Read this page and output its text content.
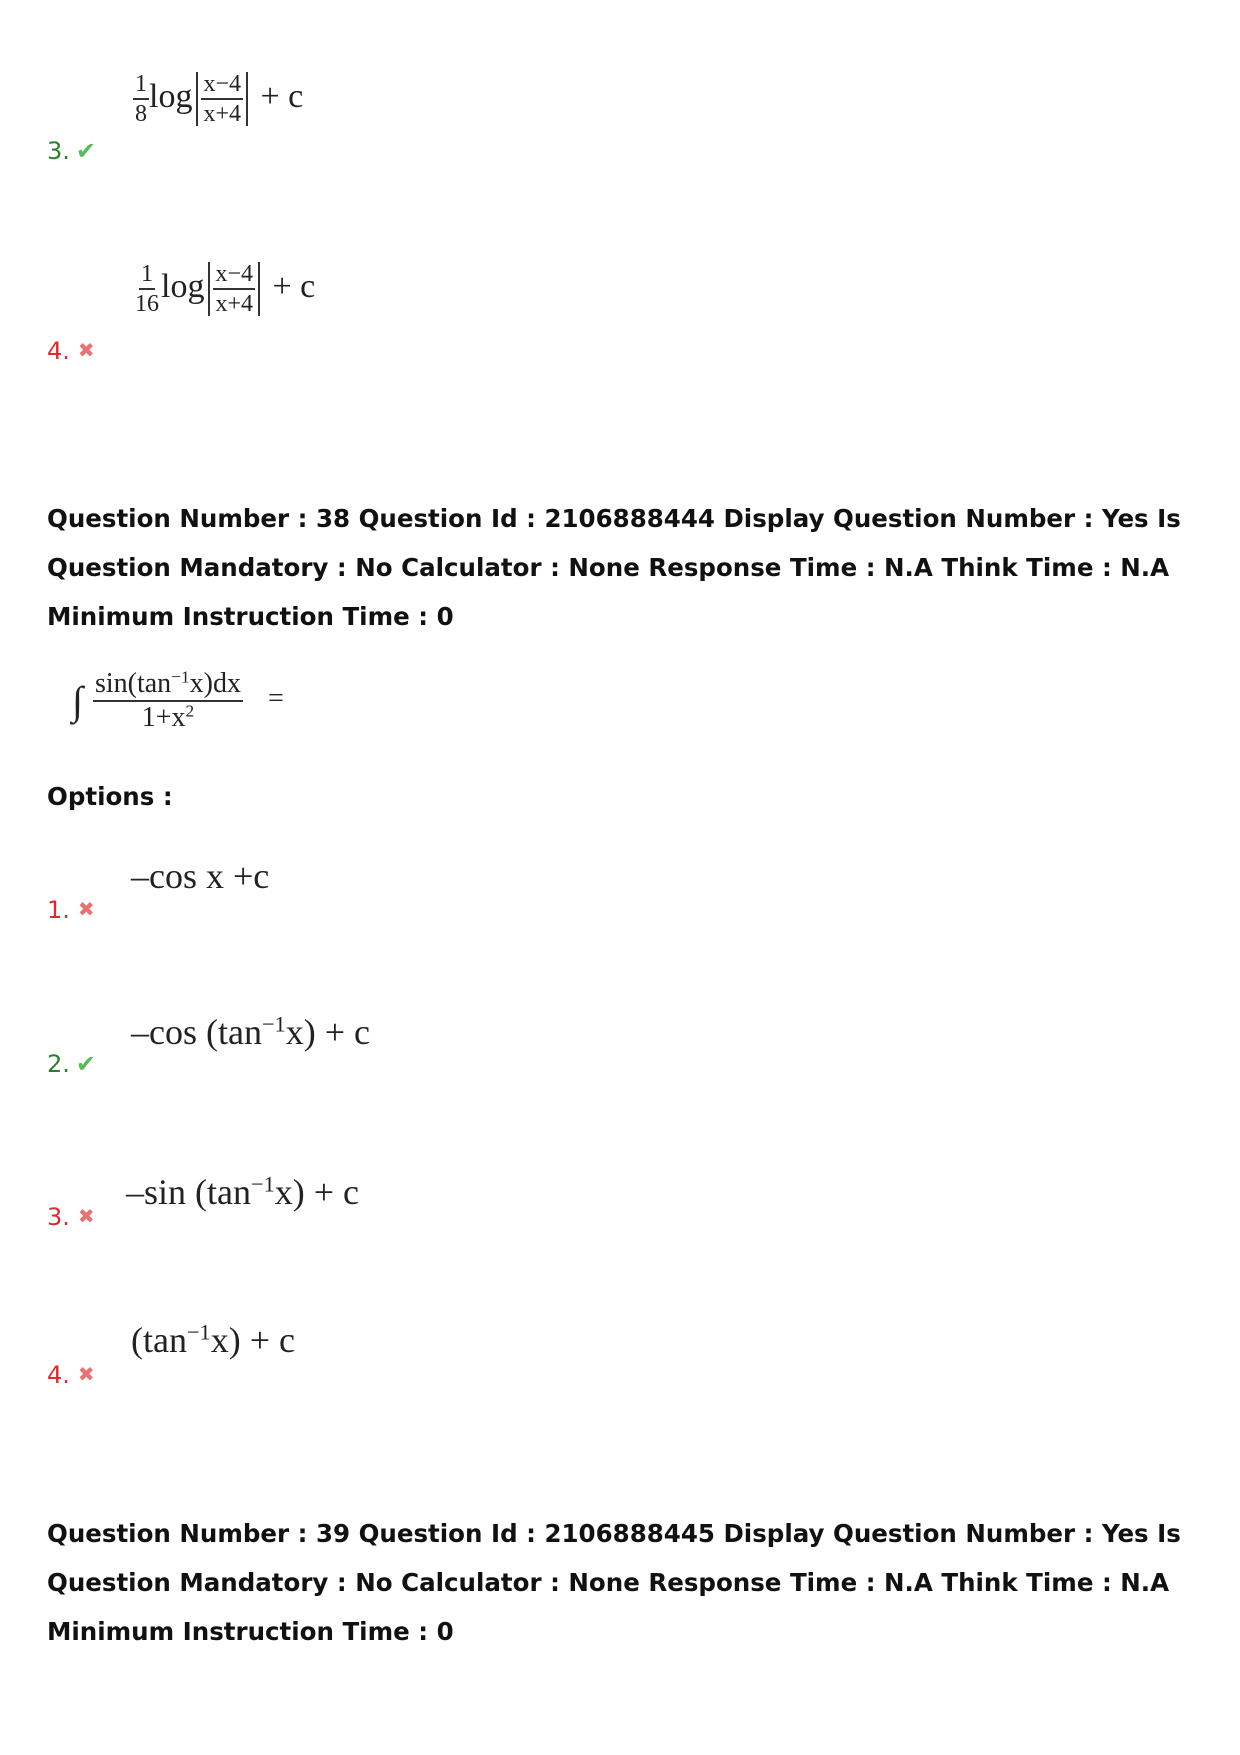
$\frac{1}{8}$ $\log \frac{x-4}{x+4} + c$
3. ✔
$\frac{1}{16}$ $\log \frac{x-4}{x+4} + c$
4. ✖
Question Number : 38 Question Id : 2106888444 Display Question Number : Yes Is Question Mandatory : No Calculator : None Response Time : N.A Think Time : N.A Minimum Instruction Time : 0
∫ $\frac{\sin(\tan^{-1}x)dx}{1+x^2}$ =
Options :
–cos x +c
1. ✖
–cos $(\tan^{-1}x) + c$
2. ✔
–sin $(\tan^{-1}x) + c$
3. ✖
$(\tan^{-1}x) + c$
4. ✖
Question Number : 39 Question Id : 2106888445 Display Question Number : Yes Is Question Mandatory : No Calculator : None Response Time : N.A Think Time : N.A Minimum Instruction Time : 0
